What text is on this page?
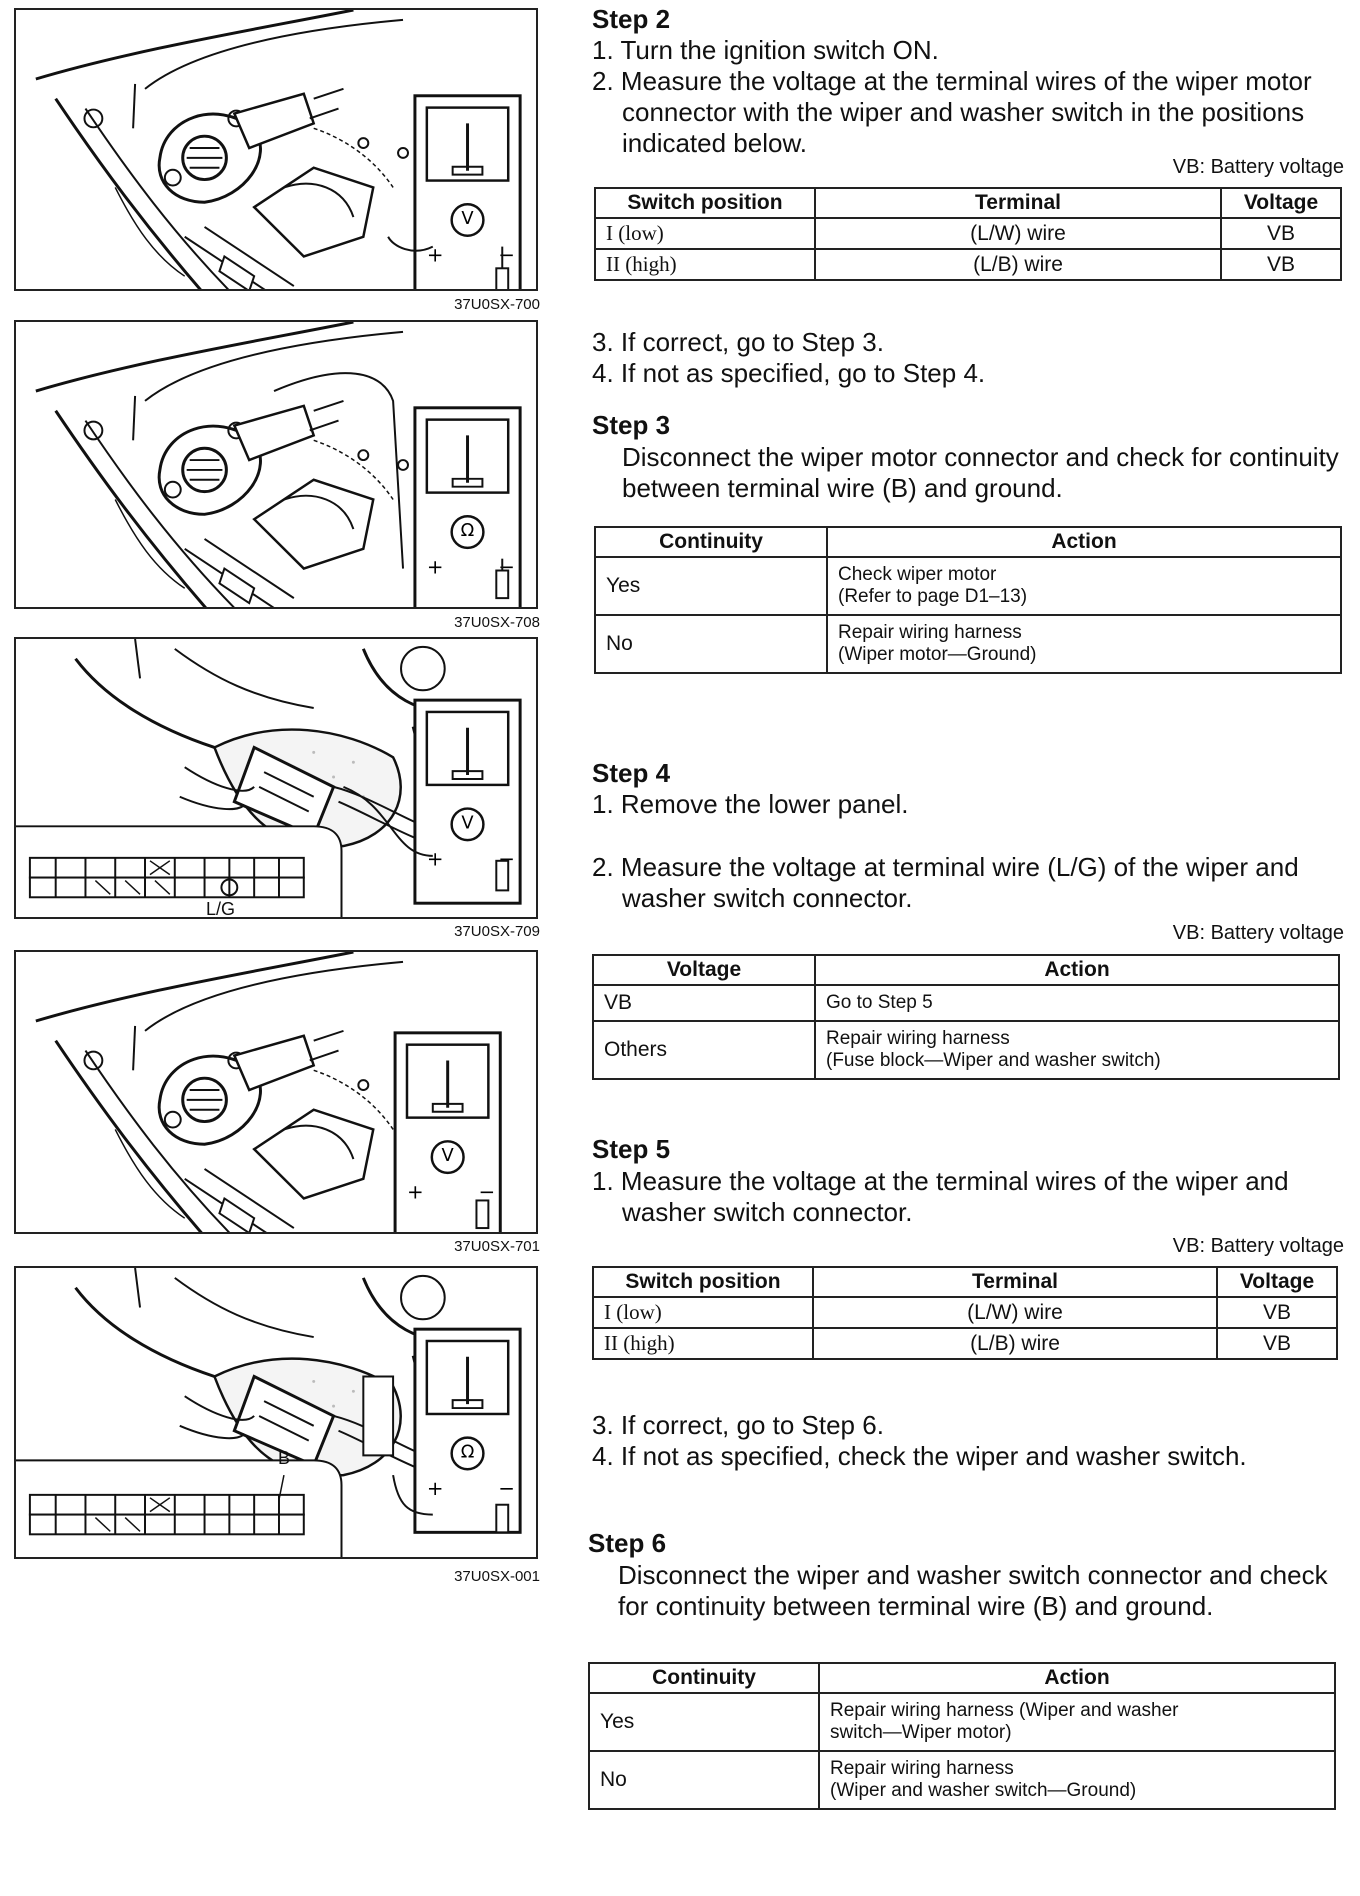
V
37U0SX-700
Ω
37U0SX-708
V
L/G
37U0SX-709
V
37U0SX-701
Ω
B
37U0SX-001
Step 2
1. Turn the ignition switch ON.
2. Measure the voltage at the terminal wires of the wiper motor connector with the wiper and washer switch in the positions indicated below.
VB: Battery voltage
Switch position	Terminal	Voltage
I (low)	(L/W) wire	VB
II (high)	(L/B) wire	VB
3. If correct, go to Step 3.
4. If not as specified, go to Step 4.
Step 3
Disconnect the wiper motor connector and check for continuity between terminal wire (B) and ground.
Continuity	Action
Yes	Check wiper motor
(Refer to page D1–13)

No	Repair wiring harness
(Wiper motor—Ground)
Step 4
1. Remove the lower panel.
2. Measure the voltage at terminal wire (L/G) of the wiper and washer switch connector.
VB: Battery voltage
Voltage	Action
VB	Go to Step 5
Others	Repair wiring harness
(Fuse block—Wiper and washer switch)
Step 5
1. Measure the voltage at the terminal wires of the wiper and washer switch connector.
VB: Battery voltage
Switch position	Terminal	Voltage
I (low)	(L/W) wire	VB
II (high)	(L/B) wire	VB
3. If correct, go to Step 6.
4. If not as specified, check the wiper and washer switch.
Step 6
Disconnect the wiper and washer switch connector and check for continuity between terminal wire (B) and ground.
Continuity	Action
Yes	Repair wiring harness (Wiper and washer
switch—Wiper motor)

No	Repair wiring harness
(Wiper and washer switch—Ground)
